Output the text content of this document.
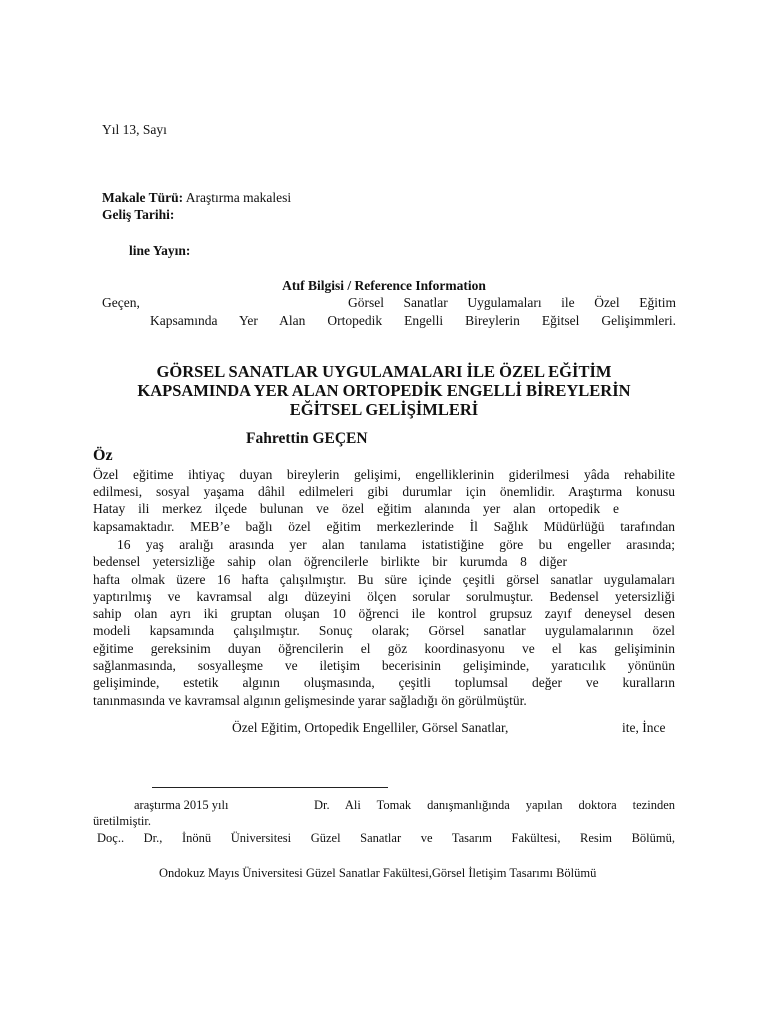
Yıl 13, Sayı
Makale Türü: Araştırma makalesi
Geliş Tarihi:
line Yayın:
Atıf Bilgisi / Reference Information
Geçen,	Görsel Sanatlar Uygulamaları ile Özel Eğitim
Kapsamında Yer Alan Ortopedik Engelli Bireylerin Eğitsel Gelişimmleri.
GÖRSEL SANATLAR UYGULAMALARI İLE ÖZEL EĞİTİM
KAPSAMINDA YER ALAN ORTOPEDİK ENGELLİ BİREYLERİN
EĞİTSEL GELİŞİMLERİ
Fahrettin GEÇEN
Öz
Özel eğitime ihtiyaç duyan bireylerin gelişimi, engelliklerinin giderilmesi yâda rehabilite
edilmesi, sosyal yaşama dâhil edilmeleri gibi durumlar için önemlidir. Araştırma konusu
Hatay ili merkez ilçede bulunan ve özel eğitim alanında yer alan ortopedik e
kapsamaktadır. MEB’e bağlı özel eğitim merkezlerinde İl Sağlık Müdürlüğü tarafından
16 yaş aralığı arasında yer alan tanılama istatistiğine göre bu engeller arasında;
bedensel yetersizliğe sahip olan öğrencilerle birlikte bir kurumda 8 diğer
hafta olmak üzere 16 hafta çalışılmıştır. Bu süre içinde çeşitli görsel sanatlar uygulamaları
yaptırılmış ve kavramsal algı düzeyini ölçen sorular sorulmuştur. Bedensel yetersizliği
sahip olan ayrı iki gruptan oluşan 10 öğrenci ile kontrol grupsuz zayıf deneysel desen
modeli kapsamında çalışılmıştır. Sonuç olarak; Görsel sanatlar uygulamalarının özel
eğitime gereksinim duyan öğrencilerin el göz koordinasyonu ve el kas gelişiminin
sağlanmasında, sosyalleşme ve iletişim becerisinin gelişiminde, yaratıcılık yönünün
gelişiminde, estetik algının oluşmasında, çeşitli toplumsal değer ve kuralların
tanınmasında ve kavramsal algının gelişmesinde yarar sağladığı ön görülmüştür.
Özel Eğitim, Ortopedik Engelliler, Görsel Sanatlar,	ite, İnce
araştırma 2015 yılı	Dr. Ali Tomak danışmanlığında yapılan doktora tezinden
üretilmiştir.
Doç.. Dr., İnönü Üniversitesi Güzel Sanatlar ve Tasarım Fakültesi, Resim Bölümü,
Ondokuz Mayıs Üniversitesi Güzel Sanatlar Fakültesi,Görsel İletişim Tasarımı Bölümü
